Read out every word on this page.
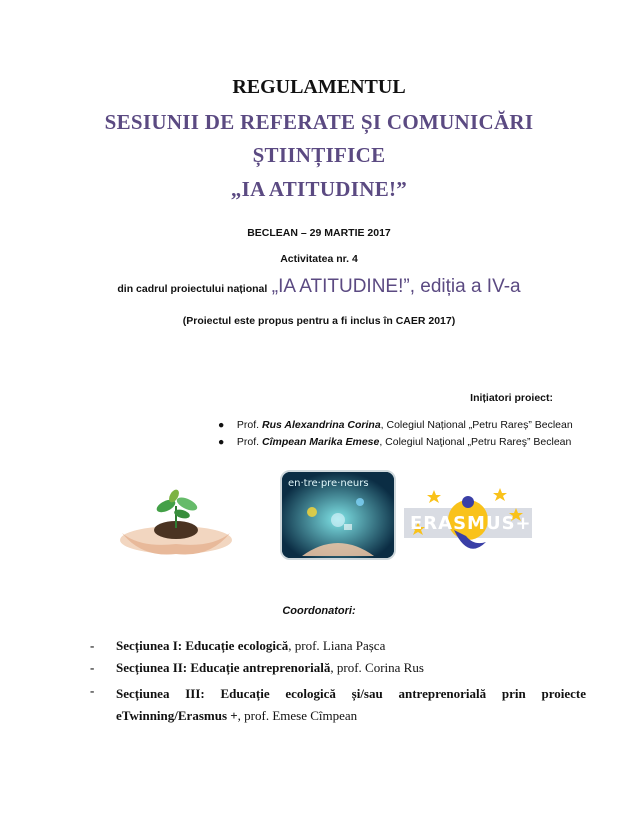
REGULAMENTUL
SESIUNII DE REFERATE ȘI COMUNICĂRI
ȘTIINȚIFICE
„IA ATITUDINE!”
BECLEAN – 29 MARTIE 2017
Activitatea nr. 4
din cadrul proiectului național „IA ATITUDINE!”, ediția a IV-a
(Proiectul este propus pentru a fi inclus în CAER 2017)
Inițiatori proiect:
● Prof. Rus Alexandrina Corina, Colegiul Național „Petru Rareș” Beclean
● Prof. Cîmpean Marika Emese, Colegiul Naţional „Petru Rareş” Beclean
en·tre·pre·neurs
ERASMUS+
Coordonatori:
- Secțiunea I: Educație ecologică, prof. Liana Pașca
- Secțiunea II: Educație antreprenorială, prof. Corina Rus
- Secțiunea III: Educație ecologică și/sau antreprenorială prin proiecte eTwinning/Erasmus +, prof. Emese Cîmpean
